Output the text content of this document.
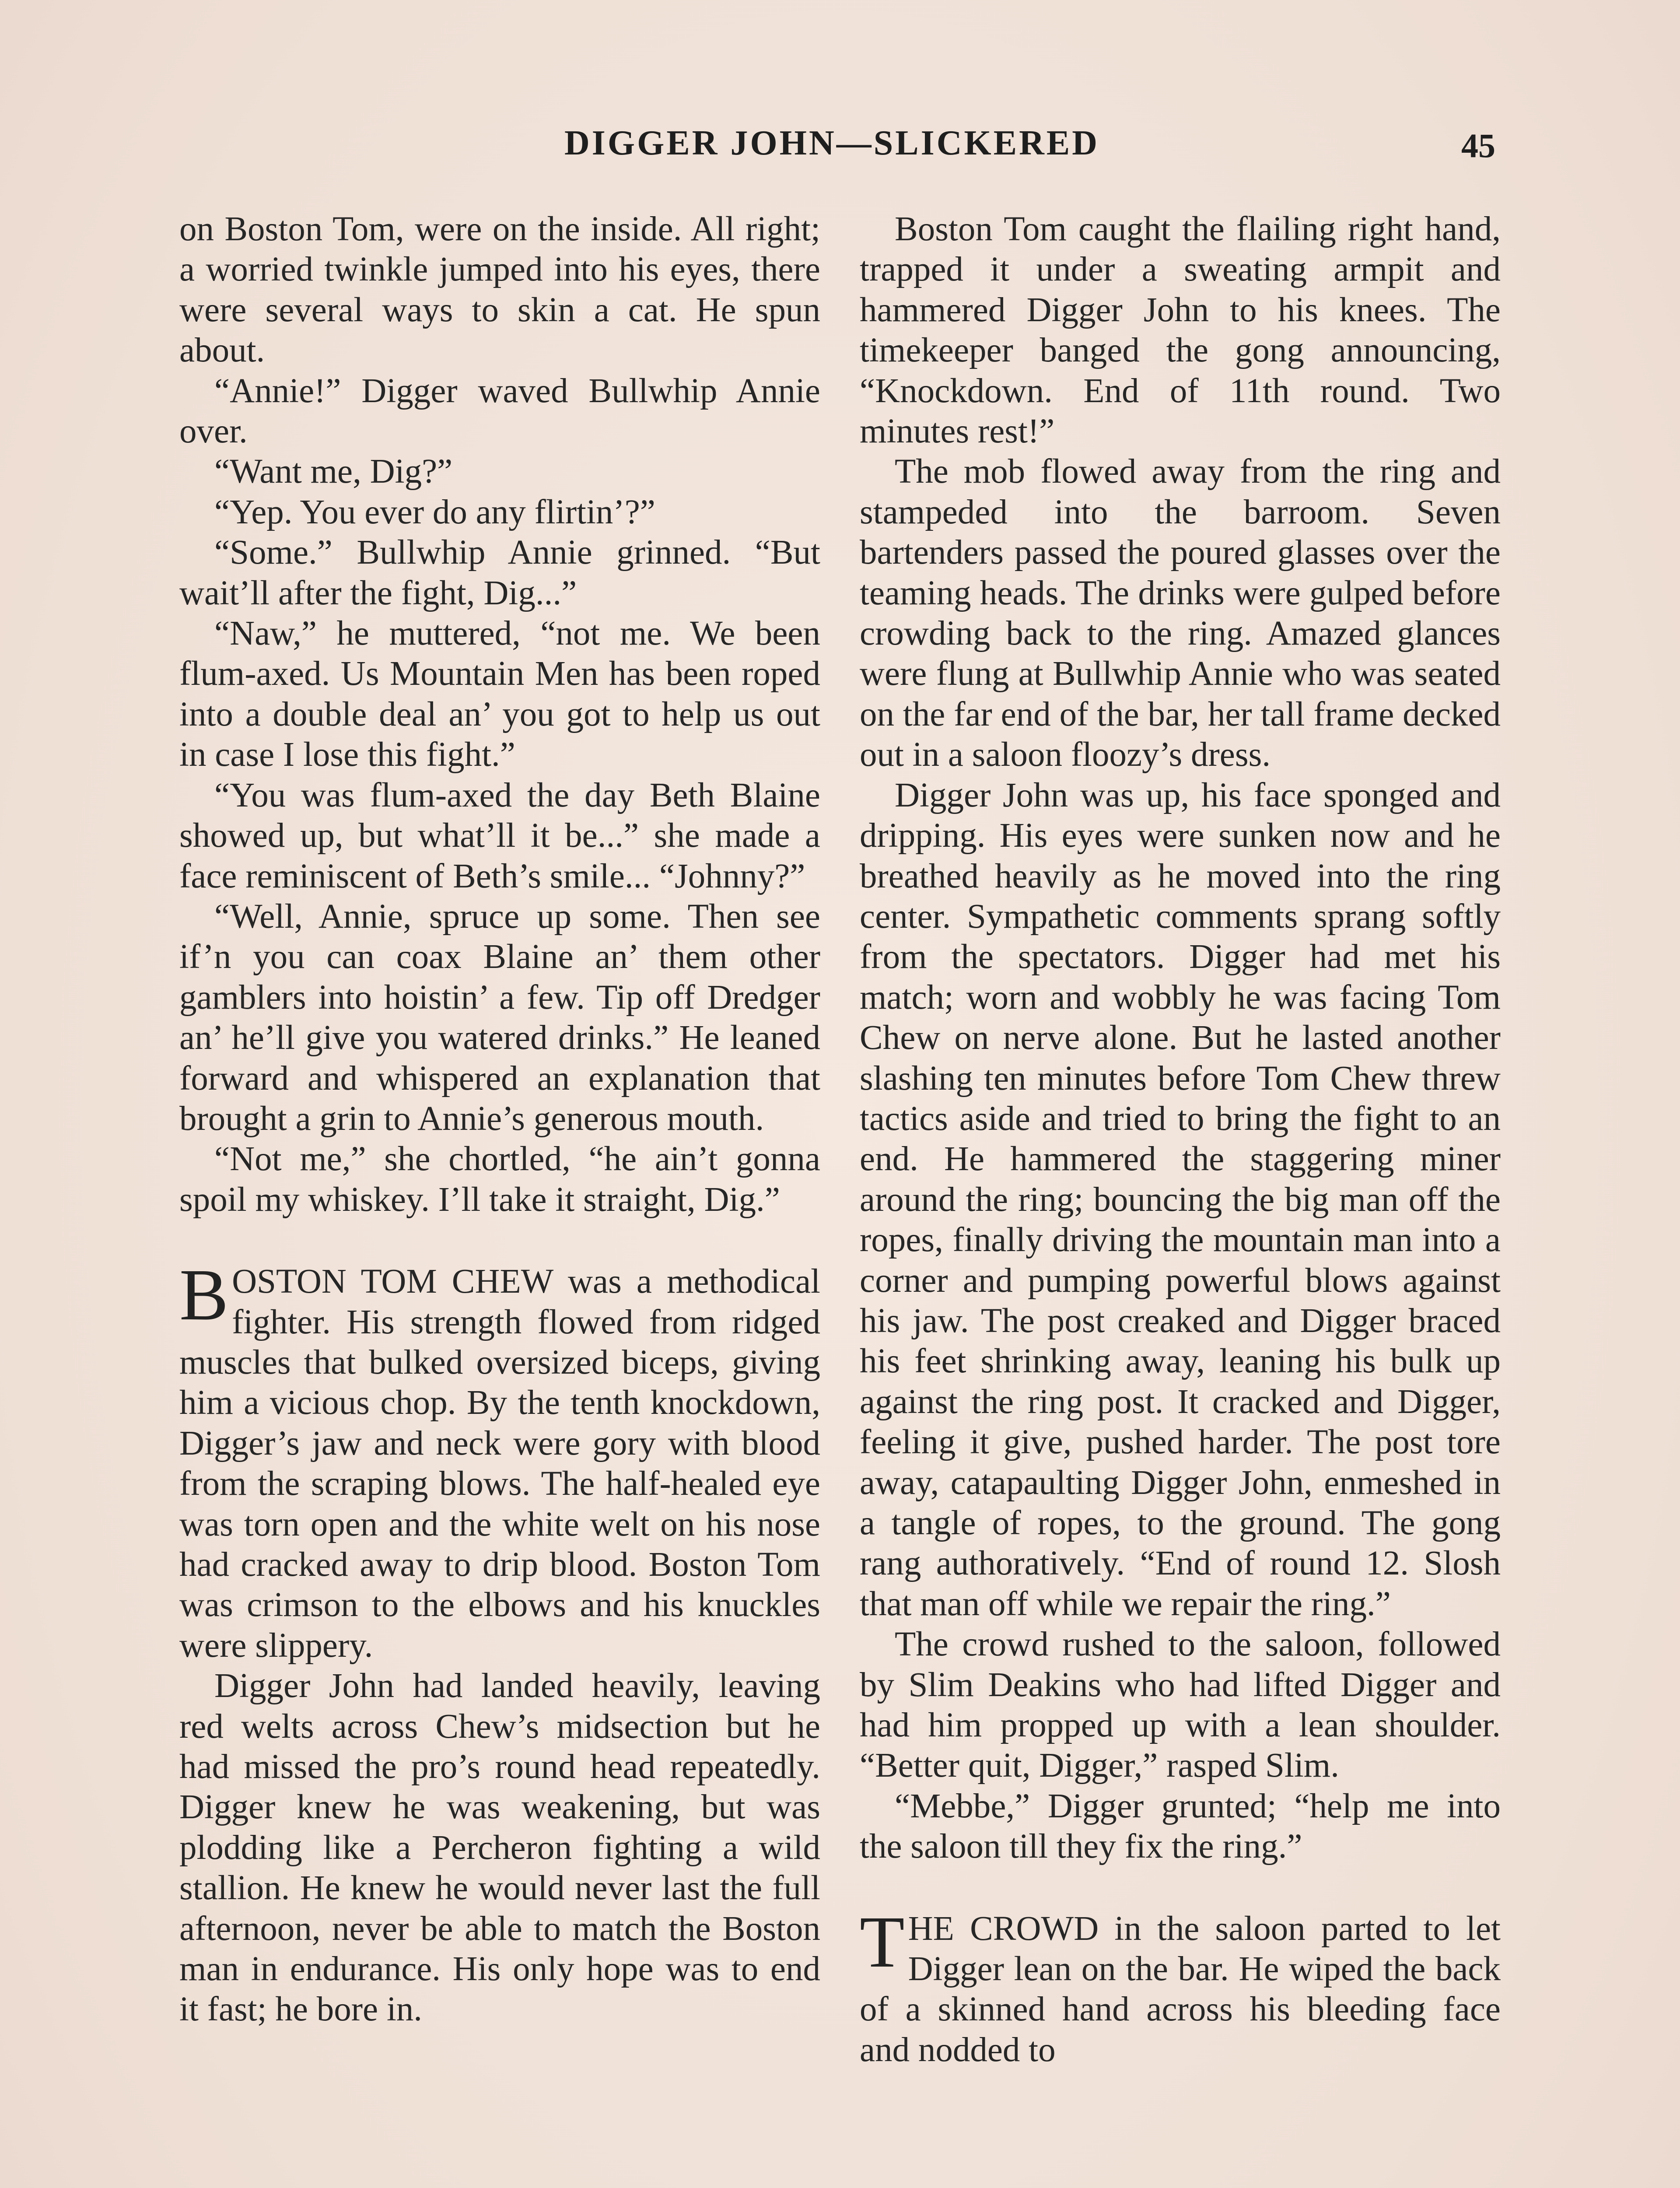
DIGGER JOHN—SLICKERED	45

on Boston Tom, were on the inside. All right; a worried twinkle jumped into his eyes, there were several ways to skin a cat. He spun about.

“Annie!” Digger waved Bullwhip Annie over.

“Want me, Dig?”

“Yep. You ever do any flirtin’?”

“Some.” Bullwhip Annie grinned. “But wait’ll after the fight, Dig...”

“Naw,” he muttered, “not me. We been flum-axed. Us Mountain Men has been roped into a double deal an’ you got to help us out in case I lose this fight.”

“You was flum-axed the day Beth Blaine showed up, but what’ll it be...” she made a face reminiscent of Beth’s smile... “Johnny?”

“Well, Annie, spruce up some. Then see if’n you can coax Blaine an’ them other gamblers into hoistin’ a few. Tip off Dredger an’ he’ll give you watered drinks.” He leaned forward and whispered an explanation that brought a grin to Annie’s generous mouth.

“Not me,” she chortled, “he ain’t gonna spoil my whiskey. I’ll take it straight, Dig.”

BOSTON TOM CHEW was a methodical fighter. His strength flowed from ridged muscles that bulked oversized biceps, giving him a vicious chop. By the tenth knockdown, Digger’s jaw and neck were gory with blood from the scraping blows. The half-healed eye was torn open and the white welt on his nose had cracked away to drip blood. Boston Tom was crimson to the elbows and his knuckles were slippery.

Digger John had landed heavily, leaving red welts across Chew’s midsection but he had missed the pro’s round head repeatedly. Digger knew he was weakening, but was plodding like a Percheron fighting a wild stallion. He knew he would never last the full afternoon, never be able to match the Boston man in endurance. His only hope was to end it fast; he bore in.

Boston Tom caught the flailing right hand, trapped it under a sweating armpit and hammered Digger John to his knees. The timekeeper banged the gong announcing, “Knockdown. End of 11th round. Two minutes rest!”

The mob flowed away from the ring and stampeded into the barroom. Seven bartenders passed the poured glasses over the teaming heads. The drinks were gulped before crowding back to the ring. Amazed glances were flung at Bullwhip Annie who was seated on the far end of the bar, her tall frame decked out in a saloon floozy’s dress.

Digger John was up, his face sponged and dripping. His eyes were sunken now and he breathed heavily as he moved into the ring center. Sympathetic comments sprang softly from the spectators. Digger had met his match; worn and wobbly he was facing Tom Chew on nerve alone. But he lasted another slashing ten minutes before Tom Chew threw tactics aside and tried to bring the fight to an end. He hammered the staggering miner around the ring; bouncing the big man off the ropes, finally driving the mountain man into a corner and pumping powerful blows against his jaw. The post creaked and Digger braced his feet shrinking away, leaning his bulk up against the ring post. It cracked and Digger, feeling it give, pushed harder. The post tore away, catapaulting Digger John, enmeshed in a tangle of ropes, to the ground. The gong rang authoratively. “End of round 12. Slosh that man off while we repair the ring.”

The crowd rushed to the saloon, followed by Slim Deakins who had lifted Digger and had him propped up with a lean shoulder. “Better quit, Digger,” rasped Slim.

“Mebbe,” Digger grunted; “help me into the saloon till they fix the ring.”

THE CROWD in the saloon parted to let Digger lean on the bar. He wiped the back of a skinned hand across his bleeding face and nodded to
